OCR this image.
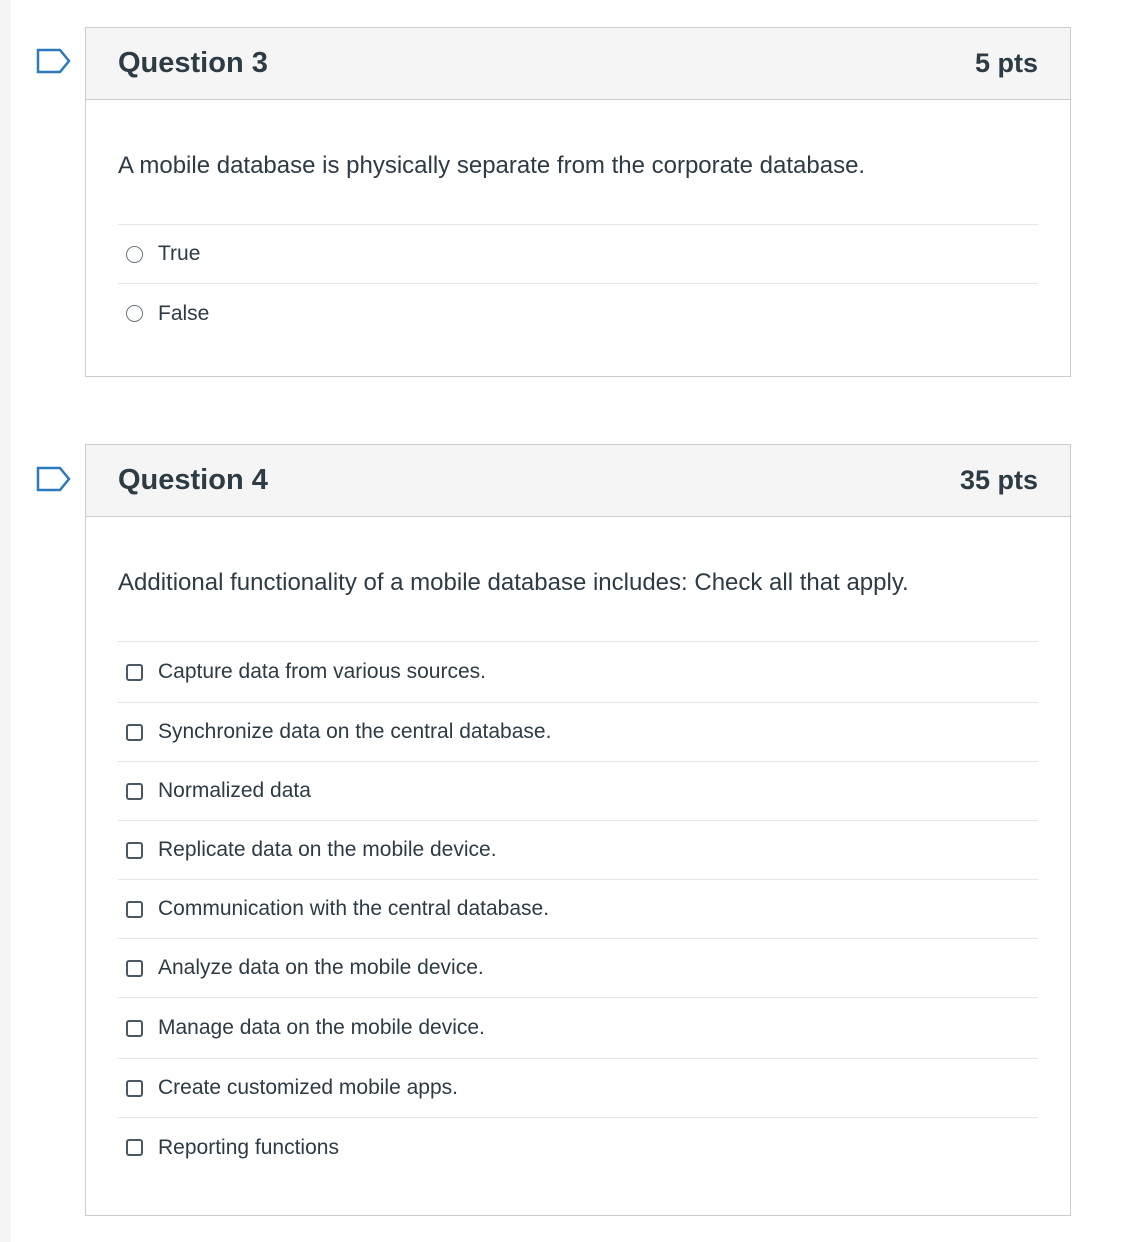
Question 3	5 pts
A mobile database is physically separate from the corporate database.
True
False
Question 4	35 pts
Additional functionality of a mobile database includes: Check all that apply.
Capture data from various sources.
Synchronize data on the central database.
Normalized data
Replicate data on the mobile device.
Communication with the central database.
Analyze data on the mobile device.
Manage data on the mobile device.
Create customized mobile apps.
Reporting functions
